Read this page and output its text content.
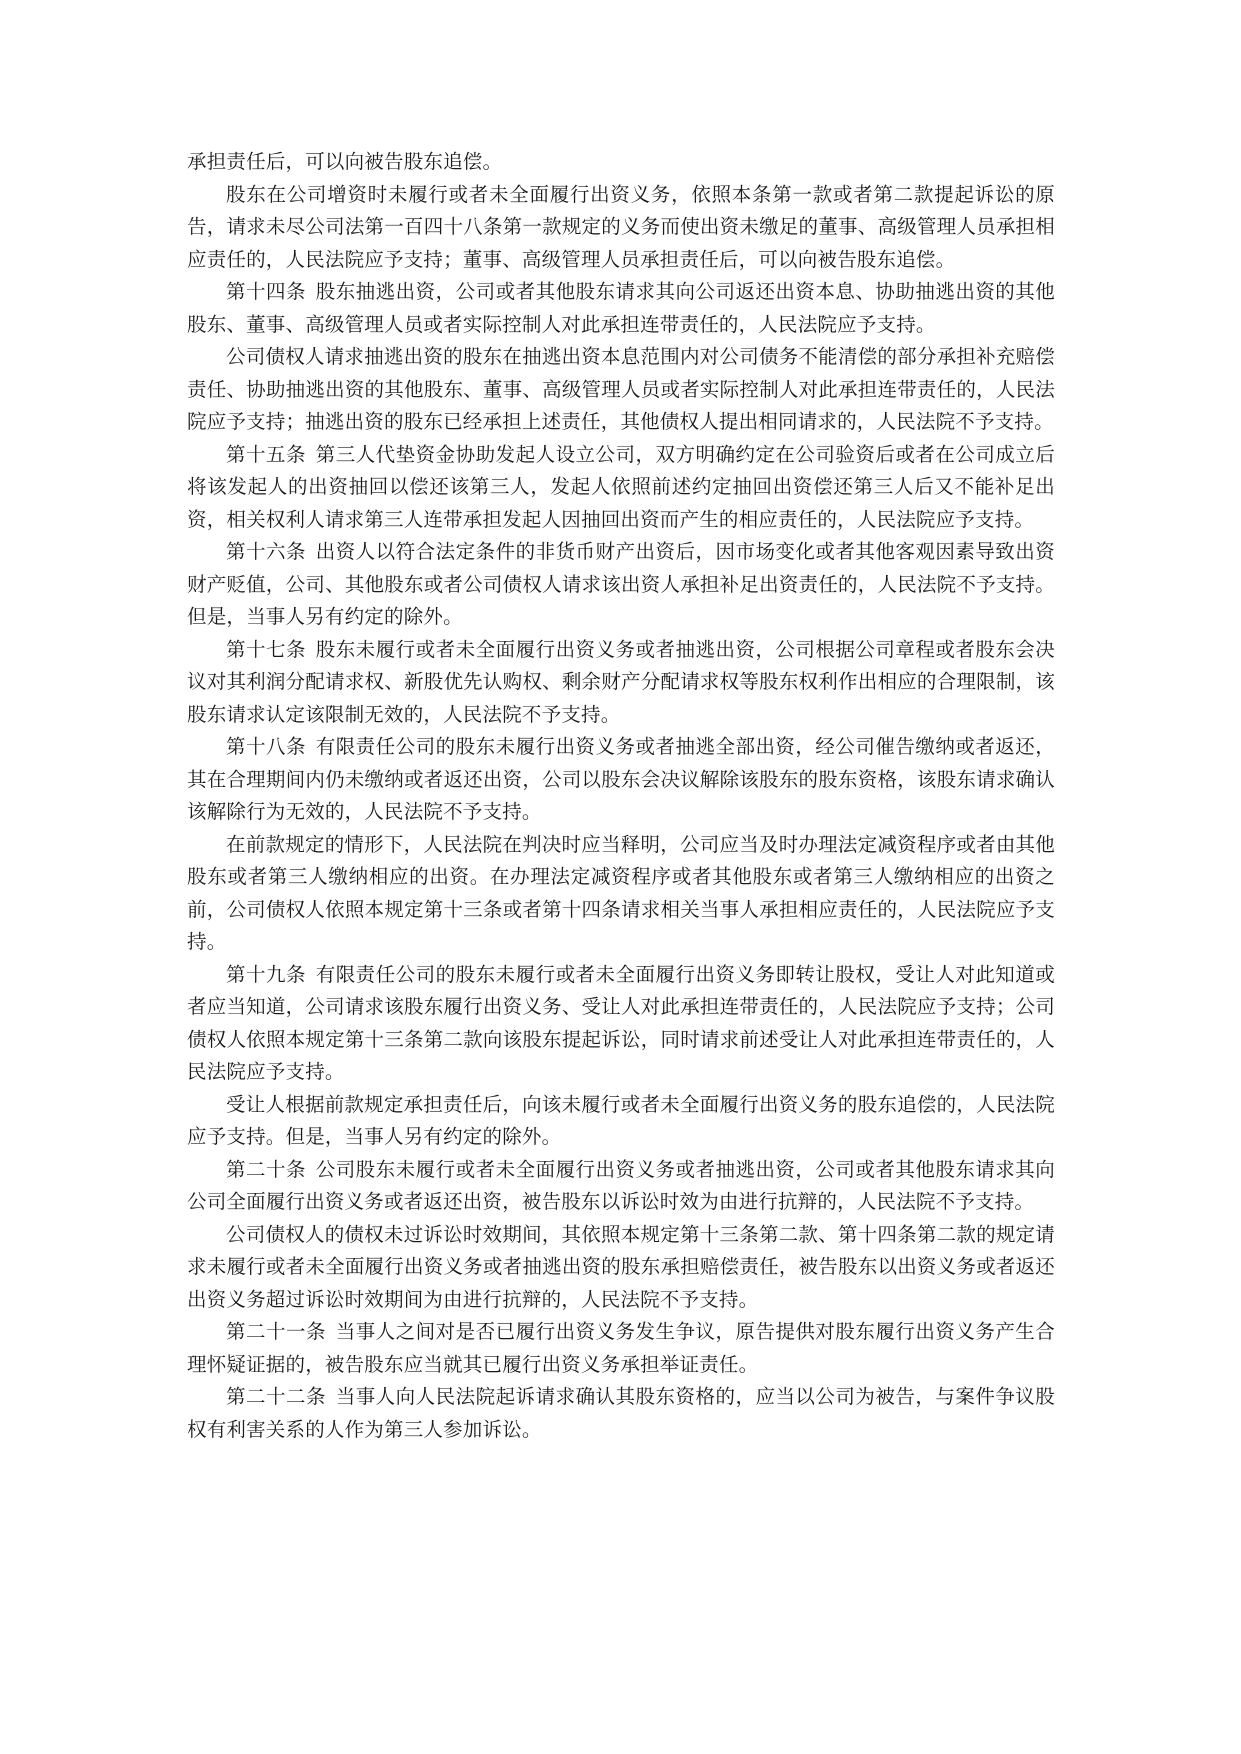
承担责任后，可以向被告股东追偿。

股东在公司增资时未履行或者未全面履行出资义务，依照本条第一款或者第二款提起诉讼的原告，请求未尽公司法第一百四十八条第一款规定的义务而使出资未缴足的董事、高级管理人员承担相应责任的，人民法院应予支持；董事、高级管理人员承担责任后，可以向被告股东追偿。

第十四条 股东抽逃出资，公司或者其他股东请求其向公司返还出资本息、协助抽逃出资的其他股东、董事、高级管理人员或者实际控制人对此承担连带责任的，人民法院应予支持。

公司债权人请求抽逃出资的股东在抽逃出资本息范围内对公司债务不能清偿的部分承担补充赔偿责任、协助抽逃出资的其他股东、董事、高级管理人员或者实际控制人对此承担连带责任的，人民法院应予支持；抽逃出资的股东已经承担上述责任，其他债权人提出相同请求的，人民法院不予支持。

第十五条 第三人代垫资金协助发起人设立公司，双方明确约定在公司验资后或者在公司成立后将该发起人的出资抽回以偿还该第三人，发起人依照前述约定抽回出资偿还第三人后又不能补足出资，相关权利人请求第三人连带承担发起人因抽回出资而产生的相应责任的，人民法院应予支持。

第十六条 出资人以符合法定条件的非货币财产出资后，因市场变化或者其他客观因素导致出资财产贬值，公司、其他股东或者公司债权人请求该出资人承担补足出资责任的，人民法院不予支持。但是，当事人另有约定的除外。

第十七条 股东未履行或者未全面履行出资义务或者抽逃出资，公司根据公司章程或者股东会决议对其利润分配请求权、新股优先认购权、剩余财产分配请求权等股东权利作出相应的合理限制，该股东请求认定该限制无效的，人民法院不予支持。

第十八条 有限责任公司的股东未履行出资义务或者抽逃全部出资，经公司催告缴纳或者返还，其在合理期间内仍未缴纳或者返还出资，公司以股东会决议解除该股东的股东资格，该股东请求确认该解除行为无效的，人民法院不予支持。

在前款规定的情形下，人民法院在判决时应当释明，公司应当及时办理法定减资程序或者由其他股东或者第三人缴纳相应的出资。在办理法定减资程序或者其他股东或者第三人缴纳相应的出资之前，公司债权人依照本规定第十三条或者第十四条请求相关当事人承担相应责任的，人民法院应予支持。

第十九条 有限责任公司的股东未履行或者未全面履行出资义务即转让股权，受让人对此知道或者应当知道，公司请求该股东履行出资义务、受让人对此承担连带责任的，人民法院应予支持；公司债权人依照本规定第十三条第二款向该股东提起诉讼，同时请求前述受让人对此承担连带责任的，人民法院应予支持。

受让人根据前款规定承担责任后，向该未履行或者未全面履行出资义务的股东追偿的，人民法院应予支持。但是，当事人另有约定的除外。

第二十条 公司股东未履行或者未全面履行出资义务或者抽逃出资，公司或者其他股东请求其向公司全面履行出资义务或者返还出资，被告股东以诉讼时效为由进行抗辩的，人民法院不予支持。

公司债权人的债权未过诉讼时效期间，其依照本规定第十三条第二款、第十四条第二款的规定请求未履行或者未全面履行出资义务或者抽逃出资的股东承担赔偿责任，被告股东以出资义务或者返还出资义务超过诉讼时效期间为由进行抗辩的，人民法院不予支持。

第二十一条 当事人之间对是否已履行出资义务发生争议，原告提供对股东履行出资义务产生合理怀疑证据的，被告股东应当就其已履行出资义务承担举证责任。

第二十二条 当事人向人民法院起诉请求确认其股东资格的，应当以公司为被告，与案件争议股权有利害关系的人作为第三人参加诉讼。
